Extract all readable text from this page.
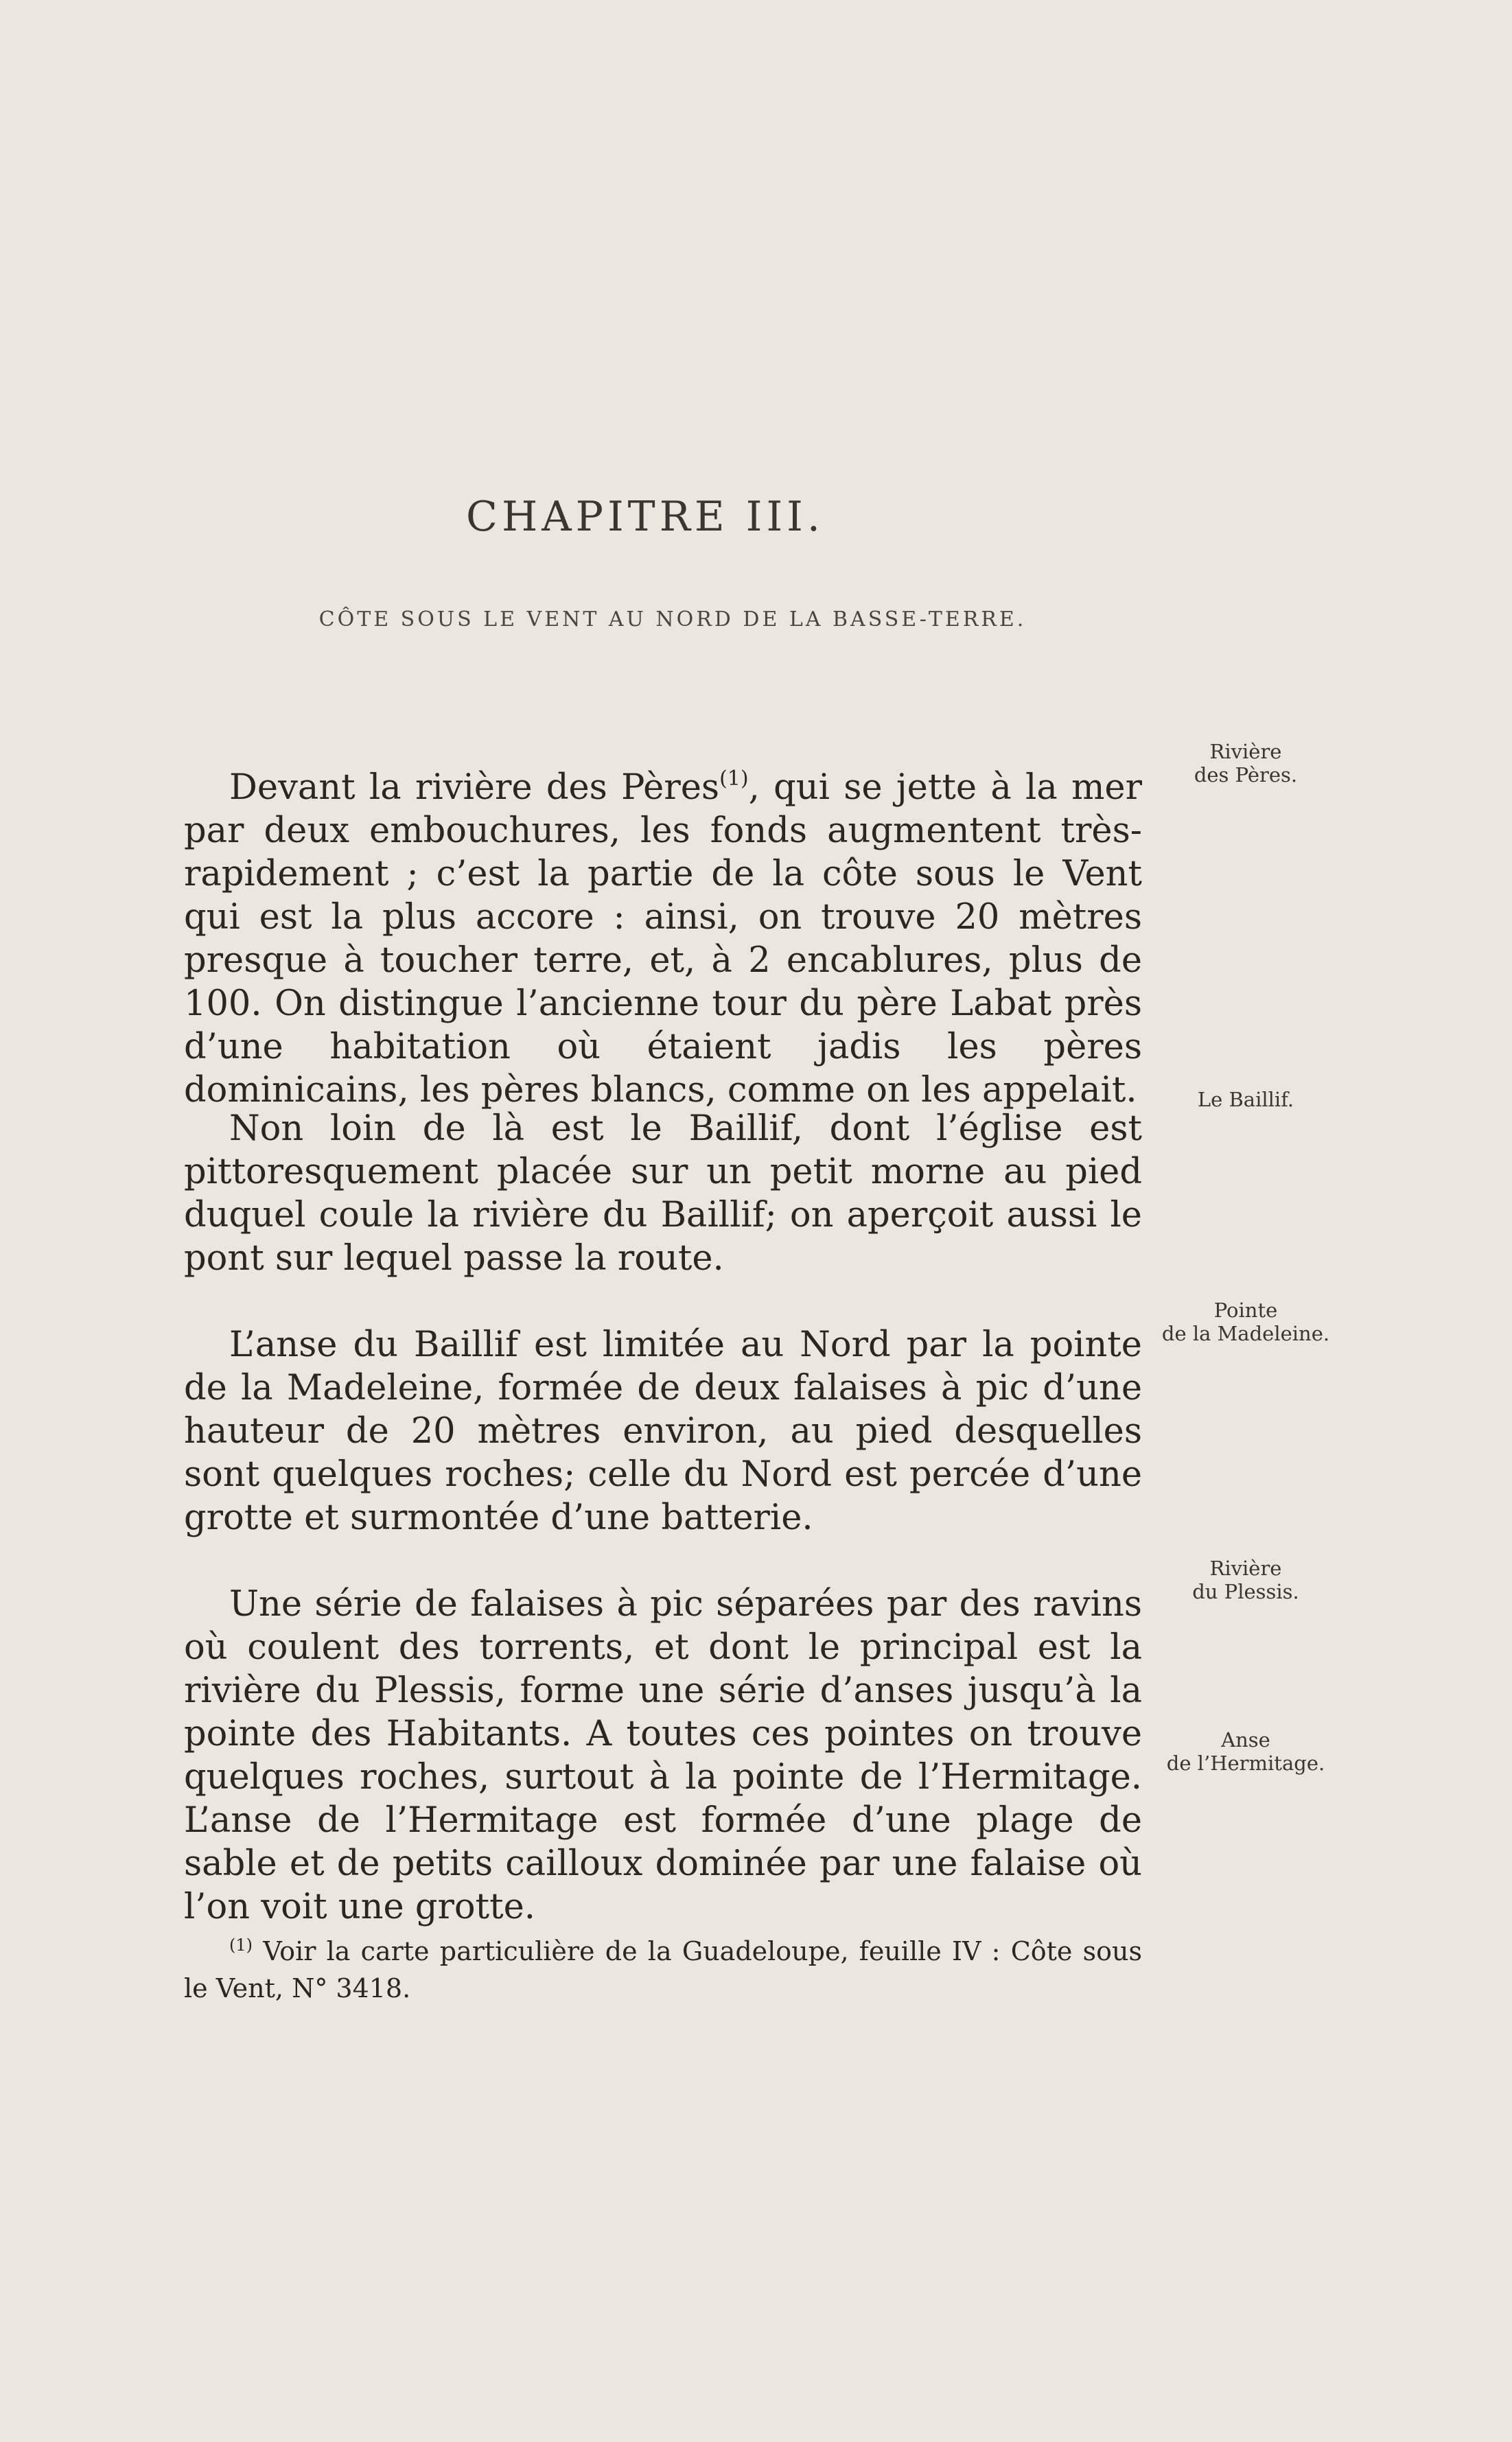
CHAPITRE III.
CÔTE SOUS LE VENT AU NORD DE LA BASSE-TERRE.

Devant la rivière des Pères$^{(1)}$, qui se jette à la mer par deux embouchures, les fonds augmentent très-rapidement ; c’est la partie de la côte sous le Vent qui est la plus accore : ainsi, on trouve 20 mètres presque à toucher terre, et, à 2 encablures, plus de 100. On distingue l’ancienne tour du père Labat près d’une habitation où étaient jadis les pères dominicains, les pères blancs, comme on les appelait.

Non loin de là est le Baillif, dont l’église est pittoresquement placée sur un petit morne au pied duquel coule la rivière du Baillif; on aperçoit aussi le pont sur lequel passe la route.

L’anse du Baillif est limitée au Nord par la pointe de la Madeleine, formée de deux falaises à pic d’une hauteur de 20 mètres environ, au pied desquelles sont quelques roches; celle du Nord est percée d’une grotte et surmontée d’une batterie.

Une série de falaises à pic séparées par des ravins où coulent des torrents, et dont le principal est la rivière du Plessis, forme une série d’anses jusqu’à la pointe des Habitants. A toutes ces pointes on trouve quelques roches, surtout à la pointe de l’Hermitage. L’anse de l’Hermitage est formée d’une plage de sable et de petits cailloux dominée par une falaise où l’on voit une grotte.

Rivière
des Pères.
Le Baillif.
Pointe
de la Madeleine.
Rivière
du Plessis.
Anse
de l’Hermitage.

$^{(1)}$ Voir la carte particulière de la Guadeloupe, feuille IV : Côte sous le Vent, N° 3418.
